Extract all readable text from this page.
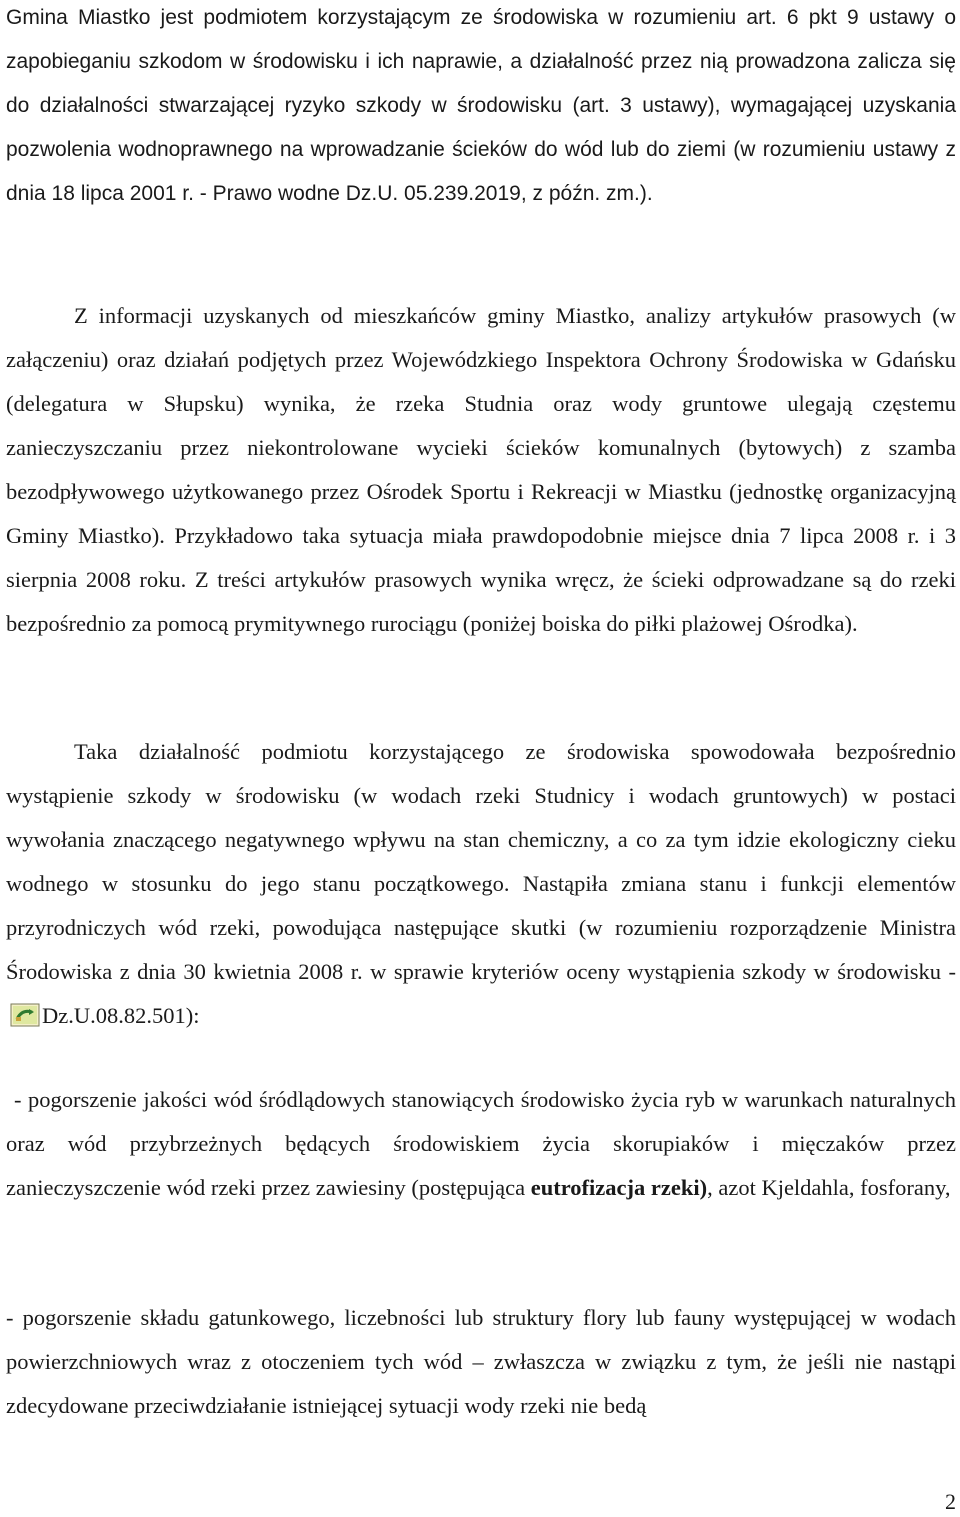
Gmina Miastko jest podmiotem korzystającym ze środowiska w rozumieniu art. 6 pkt 9 ustawy o zapobieganiu szkodom w środowisku i ich naprawie, a działalność przez nią prowadzona zalicza się do działalności stwarzającej ryzyko szkody w środowisku (art. 3 ustawy), wymagającej uzyskania pozwolenia wodnoprawnego na wprowadzanie ścieków do wód lub do ziemi (w rozumieniu ustawy z dnia 18 lipca 2001 r. - Prawo wodne Dz.U. 05.239.2019, z późn. zm.).

Z informacji uzyskanych od mieszkańców gminy Miastko, analizy artykułów prasowych (w załączeniu) oraz działań podjętych przez Wojewódzkiego Inspektora Ochrony Środowiska w Gdańsku (delegatura w Słupsku) wynika, że rzeka Studnia oraz wody gruntowe ulegają częstemu zanieczyszczaniu przez niekontrolowane wycieki ścieków komunalnych (bytowych) z szamba bezodpływowego użytkowanego przez Ośrodek Sportu i Rekreacji w Miastku (jednostkę organizacyjną Gminy Miastko). Przykładowo taka sytuacja miała prawdopodobnie miejsce dnia 7 lipca 2008 r. i 3 sierpnia 2008 roku. Z treści artykułów prasowych wynika wręcz, że ścieki odprowadzane są do rzeki bezpośrednio za pomocą prymitywnego rurociągu (poniżej boiska do piłki plażowej Ośrodka).

Taka działalność podmiotu korzystającego ze środowiska spowodowała bezpośrednio wystąpienie szkody w środowisku (w wodach rzeki Studnicy i wodach gruntowych) w postaci wywołania znaczącego negatywnego wpływu na stan chemiczny, a co za tym idzie ekologiczny cieku wodnego w stosunku do jego stanu początkowego. Nastąpiła zmiana stanu i funkcji elementów przyrodniczych wód rzeki, powodująca następujące skutki (w rozumieniu rozporządzenie Ministra Środowiska z dnia 30 kwietnia 2008 r. w sprawie kryteriów oceny wystąpienia szkody w środowisku - Dz.U.08.82.501):

- pogorszenie jakości wód śródlądowych stanowiących środowisko życia ryb w warunkach naturalnych oraz wód przybrzeżnych będących środowiskiem życia skorupiaków i mięczaków przez zanieczyszczenie wód rzeki przez zawiesiny (postępująca eutrofizacja rzeki), azot Kjeldahla, fosforany,

- pogorszenie składu gatunkowego, liczebności lub struktury flory lub fauny występującej w wodach powierzchniowych wraz z otoczeniem tych wód – zwłaszcza w związku z tym, że jeśli nie nastąpi zdecydowane przeciwdziałanie istniejącej sytuacji wody rzeki nie bedą

2
